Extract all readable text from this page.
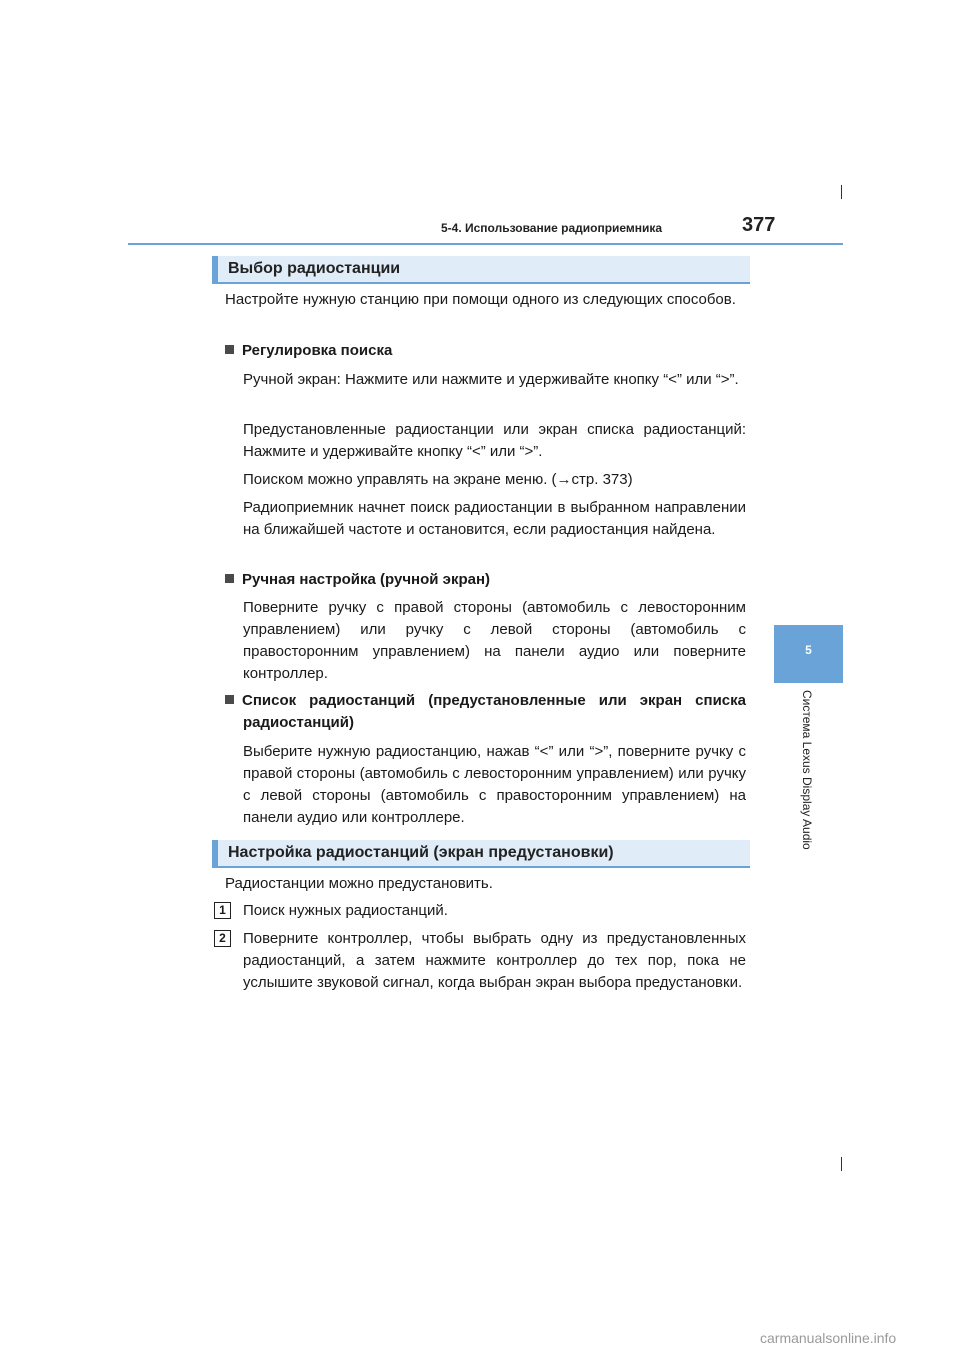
5-4. Использование радиоприемника	377
5
Система Lexus Display Audio
Выбор радиостанции

Настройте нужную станцию при помощи одного из следующих способов.

Регулировка поиска

Ручной экран: Нажмите или нажмите и удерживайте кнопку “<” или “>”.

Предустановленные радиостанции или экран списка радиостанций: Нажмите и удерживайте кнопку “<” или “>”.

Поиском можно управлять на экране меню. (→стр. 373)

Радиоприемник начнет поиск радиостанции в выбранном направлении на ближайшей частоте и остановится, если радиостанция найдена.

Ручная настройка (ручной экран)

Поверните ручку с правой стороны (автомобиль с левосторонним управлением) или ручку с левой стороны (автомобиль с правосторонним управлением) на панели аудио или поверните контроллер.

Список радиостанций (предустановленные или экран списка радиостанций)

Выберите нужную радиостанцию, нажав “<” или “>”, поверните ручку с правой стороны (автомобиль с левосторонним управлением) или ручку с левой стороны (автомобиль с правосторонним управлением) на панели аудио или контроллере.

Настройка радиостанций (экран предустановки)

Радиостанции можно предустановить.

1	Поиск нужных радиостанций.

2	Поверните контроллер, чтобы выбрать одну из предустановленных радиостанций, а затем нажмите контроллер до тех пор, пока не услышите звуковой сигнал, когда выбран экран выбора предустановки.

carmanualsonline.info
